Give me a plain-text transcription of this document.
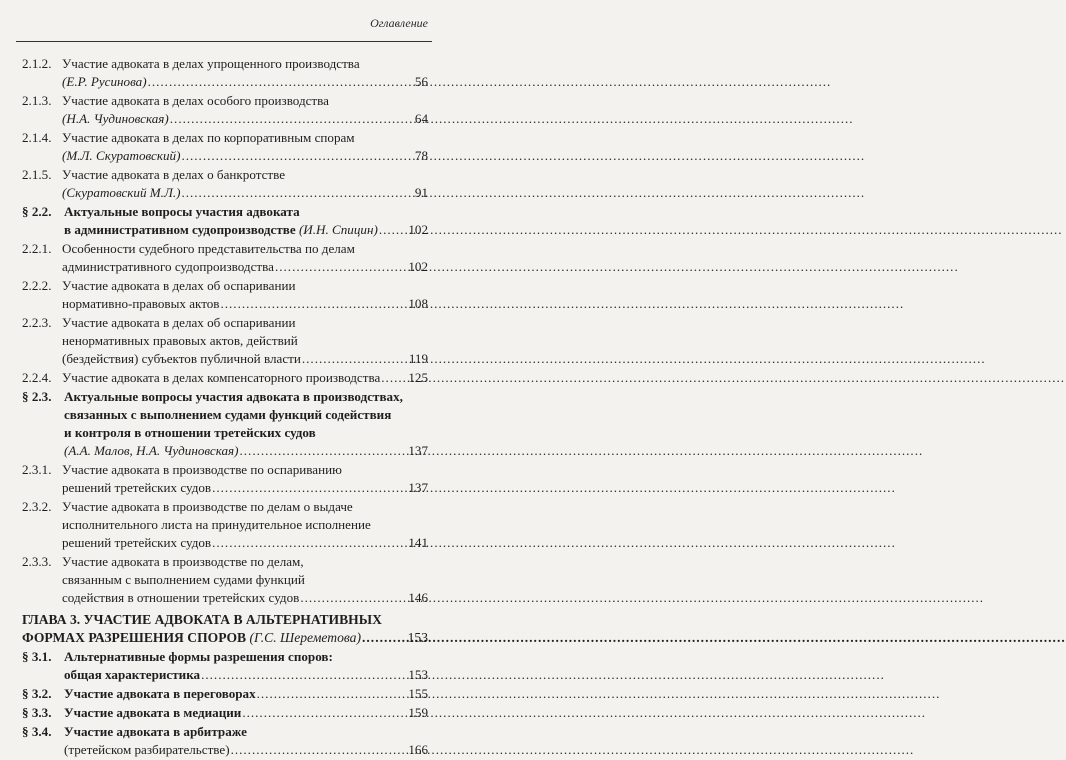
Оглавление
2.1.2. Участие адвоката в делах упрощенного производства
(Е.Р. Русинова) .....	56
2.1.3. Участие адвоката в делах особого производства
(Н.А. Чудиновская) .....	64
2.1.4. Участие адвоката в делах по корпоративным спорам
(М.Л. Скуратовский) .....	78
2.1.5. Участие адвоката в делах о банкротстве
(Скуратовский М.Л.) .....	91
§ 2.2. Актуальные вопросы участия адвоката
в административном судопроизводстве (И.Н. Спицин) ..... 102
2.2.1. Особенности судебного представительства по делам
административного судопроизводства .....	102
2.2.2. Участие адвоката в делах об оспаривании
нормативно-правовых актов .....	108
2.2.3. Участие адвоката в делах об оспаривании
ненормативных правовых актов, действий
(бездействия) субъектов публичной власти .....	119
2.2.4. Участие адвоката в делах компенсаторного производства ..... 125
§ 2.3. Актуальные вопросы участия адвоката в производствах,
связанных с выполнением судами функций содействия
и контроля в отношении третейских судов
(А.А. Малов, Н.А. Чудиновская) .....	137
2.3.1. Участие адвоката в производстве по оспариванию
решений третейских судов .....	137
2.3.2. Участие адвоката в производстве по делам о выдаче
исполнительного листа на принудительное исполнение
решений третейских судов .....	141
2.3.3. Участие адвоката в производстве по делам,
связанным с выполнением судами функций
содействия в отношении третейских судов .....	146
ГЛАВА 3. УЧАСТИЕ АДВОКАТА В АЛЬТЕРНАТИВНЫХ
ФОРМАХ РАЗРЕШЕНИЯ СПОРОВ (Г.С. Шереметова) .....	153
§ 3.1. Альтернативные формы разрешения споров:
общая характеристика .....	153
§ 3.2. Участие адвоката в переговорах .....	155
§ 3.3. Участие адвоката в медиации .....	159
§ 3.4. Участие адвоката в арбитраже
(третейском разбирательстве) .....	166
